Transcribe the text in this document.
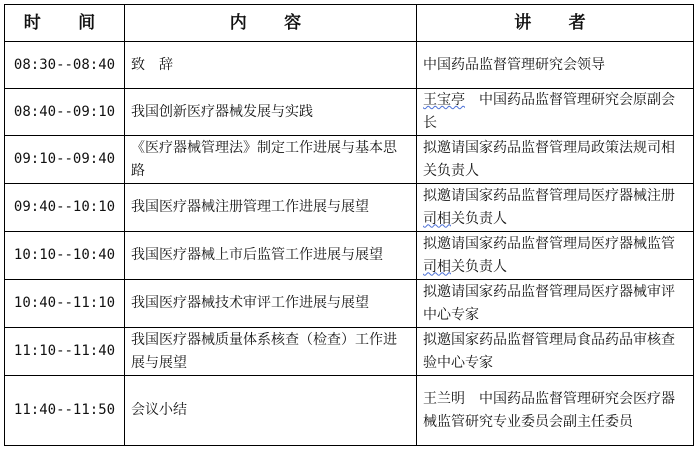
时　间	内　容	讲　者
08:30--08:40	致　辞	中国药品监督管理研究会领导
08:40--09:10	我国创新医疗器械发展与实践	王宝亭　中国药品监督管理研究会原副会长
09:10--09:40	《医疗器械管理法》制定工作进展与基本思路	拟邀请国家药品监督管理局政策法规司相关负责人
09:40--10:10	我国医疗器械注册管理工作进展与展望	拟邀请国家药品监督管理局医疗器械注册司相关负责人
10:10--10:40	我国医疗器械上市后监管工作进展与展望	拟邀请国家药品监督管理局医疗器械监管司相关负责人
10:40--11:10	我国医疗器械技术审评工作进展与展望	拟邀请国家药品监督管理局医疗器械审评中心专家
11:10--11:40	我国医疗器械质量体系核查（检查）工作进展与展望	拟邀国家药品监督管理局食品药品审核查验中心专家
11:40--11:50	会议小结	王兰明　中国药品监督管理研究会医疗器械监管研究专业委员会副主任委员
